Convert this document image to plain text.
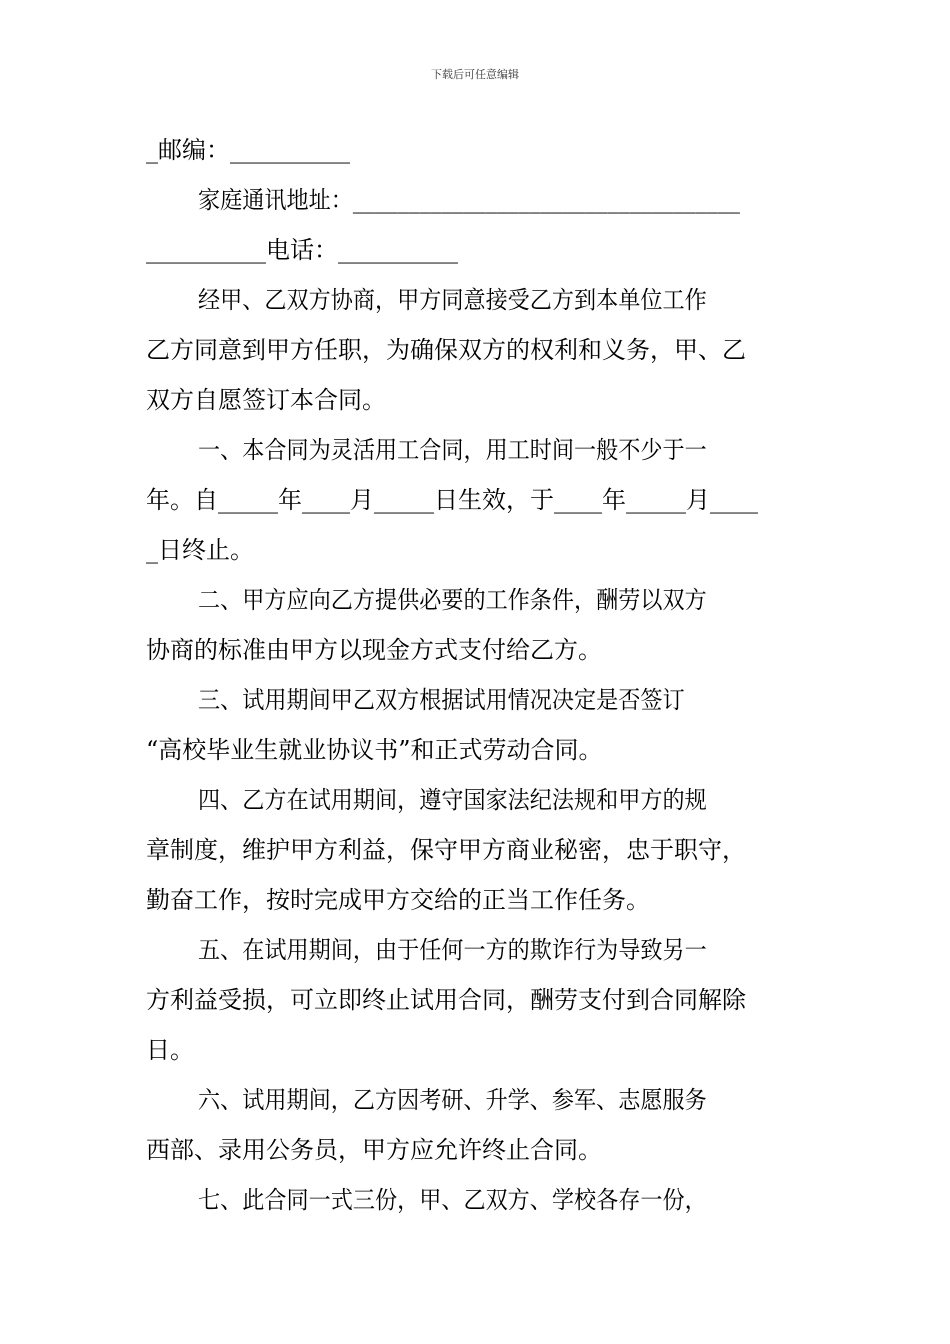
下载后可任意编辑
_邮编：__________
家庭通讯地址：___________________________________
__________电话：__________
经甲、乙双方协商，甲方同意接受乙方到本单位工作
乙方同意到甲方任职，为确保双方的权利和义务，甲、乙
双方自愿签订本合同。
一、本合同为灵活用工合同，用工时间一般不少于一
年。自_____年____月_____日生效，于____年_____月____
_日终止。
二、甲方应向乙方提供必要的工作条件，酬劳以双方
协商的标准由甲方以现金方式支付给乙方。
三、试用期间甲乙双方根据试用情况决定是否签订
“高校毕业生就业协议书”和正式劳动合同。
四、乙方在试用期间，遵守国家法纪法规和甲方的规
章制度，维护甲方利益，保守甲方商业秘密，忠于职守，
勤奋工作，按时完成甲方交给的正当工作任务。
五、在试用期间，由于任何一方的欺诈行为导致另一
方利益受损，可立即终止试用合同，酬劳支付到合同解除
日。
六、试用期间，乙方因考研、升学、参军、志愿服务
西部、录用公务员，甲方应允许终止合同。
七、此合同一式三份，甲、乙双方、学校各存一份，
